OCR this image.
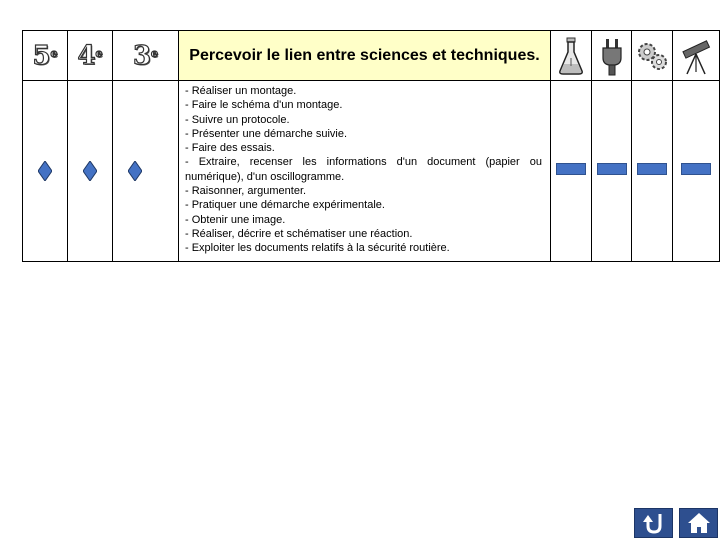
5 e 4 e 3 e Percevoir le lien entre sciences et techniques.
- Réaliser un montage.
- Faire le schéma d'un montage.
- Suivre un protocole.
- Présenter une démarche suivie.
- Faire des essais.
- Extraire, recenser les informations d'un document (papier ou numérique), d'un oscillogramme.
- Raisonner, argumenter.
- Pratiquer une démarche expérimentale.
- Obtenir une image.
- Réaliser, décrire et schématiser une réaction.
- Exploiter les documents relatifs à la sécurité routière.
